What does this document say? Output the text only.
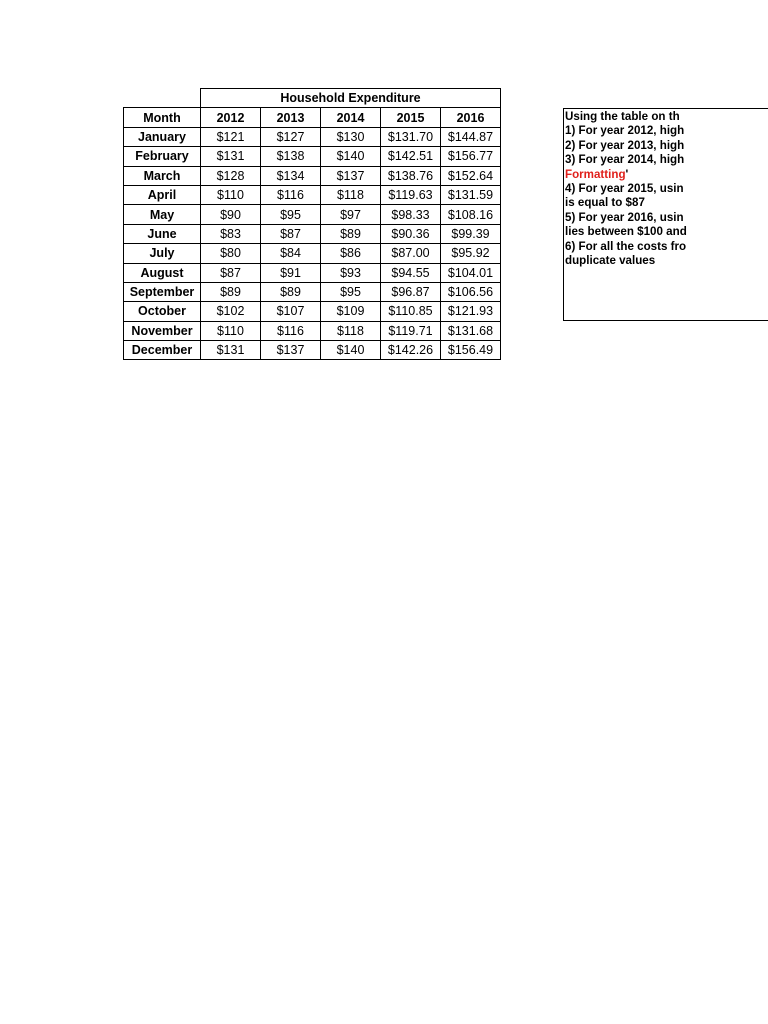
	Household Expenditure				
Month	2012	2013	2014	2015	2016
January	$121	$127	$130	$131.70	$144.87
February	$131	$138	$140	$142.51	$156.77
March	$128	$134	$137	$138.76	$152.64
April	$110	$116	$118	$119.63	$131.59
May	$90	$95	$97	$98.33	$108.16
June	$83	$87	$89	$90.36	$99.39
July	$80	$84	$86	$87.00	$95.92
August	$87	$91	$93	$94.55	$104.01
September	$89	$89	$95	$96.87	$106.56
October	$102	$107	$109	$110.85	$121.93
November	$110	$116	$118	$119.71	$131.68
December	$131	$137	$140	$142.26	$156.49
Using the table on th
1) For year 2012, high
2) For year 2013, high
3) For year 2014, high
Formatting'
4) For year 2015, usin
is equal to $87
5) For year 2016, usin
lies between $100 and
6) For all the costs fro
duplicate values
